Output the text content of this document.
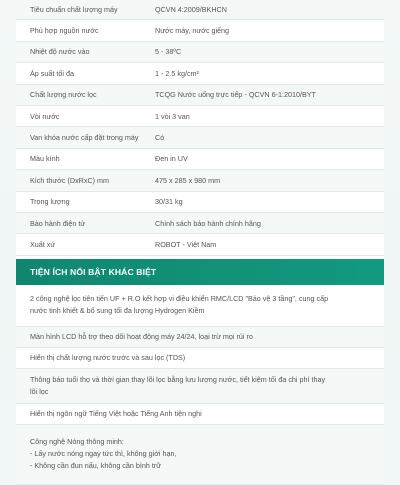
Tiêu chuẩn chất lượng máy	QCVN 4:2009/BKHCN
Phù hợp nguồn nước	Nước máy, nước giếng
Nhiệt độ nước vào	5 - 38ºC
Áp suất tối đa	1 - 2.5 kg/cm²
Chất lượng nước lọc	TCQG Nước uống trực tiếp - QCVN 6-1:2010/BYT
Vòi nước	1 vòi 3 van
Van khóa nước cấp đặt trong máy	Có
Màu kính	Đen in UV
Kích thước (DxRxC) mm	475 x 285 x 980 mm
Trọng lượng	30/31 kg
Bảo hành điện tử	Chính sách bảo hành chính hãng
Xuất xứ	ROBOT - Việt Nam
TIỆN ÍCH NỔI BẬT KHÁC BIỆT
2 công nghệ lọc tiên tiến UF + R.O kết hợp vi điều khiển RMC/LCD "Bảo vệ 3 tầng", cung cấp
nước tinh khiết & bổ sung tối đa lượng Hydrogen Kiềm
Màn hình LCD hỗ trợ theo dõi hoạt động máy 24/24, loại trừ mọi rủi ro
Hiển thị chất lượng nước trước và sau lọc (TDS)
Thông báo tuổi thọ và thời gian thay lõi lọc bằng lưu lượng nước, tiết kiệm tối đa chi phí thay
lõi lọc
Hiển thị ngôn ngữ Tiếng Việt hoặc Tiếng Anh tiện nghi
Công nghệ Nóng thông minh:
- Lấy nước nóng ngay tức thì, không giới hạn,
- Không cần đun nấu, không cần bình trữ
